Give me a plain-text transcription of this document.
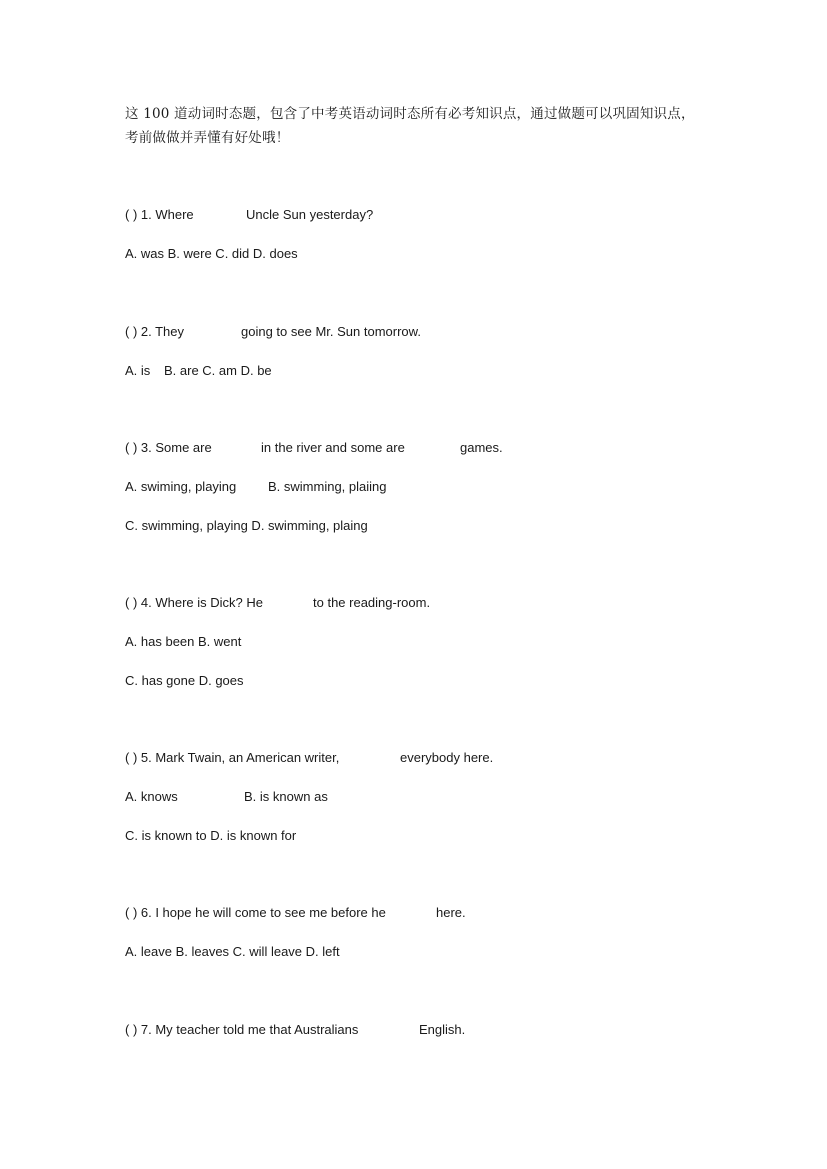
这 100 道动词时态题，包含了中考英语动词时态所有必考知识点，通过做题可以巩固知识点，
考前做做并弄懂有好处哦！

( ) 1. Where

	Uncle Sun yesterday?

A. was B. were C. did D. does

( ) 2. They

	going to see Mr. Sun tomorrow.

A. is

B. are C. am D. be

( ) 3. Some are

	in the river and some are

	games.

A. swiming, playing

B. swimming, plaiing

C. swimming, playing D. swimming, plaing

( ) 4. Where is Dick? He

	to the reading-room.

A. has been B. went

C. has gone D. goes

( ) 5. Mark Twain, an American writer,

	everybody here.

A. knows

	B. is known as

C. is known to D. is known for

( ) 6. I hope he will come to see me before he

	here.

A. leave B. leaves C. will leave D. left

( ) 7. My teacher told me that Australians

	English.
